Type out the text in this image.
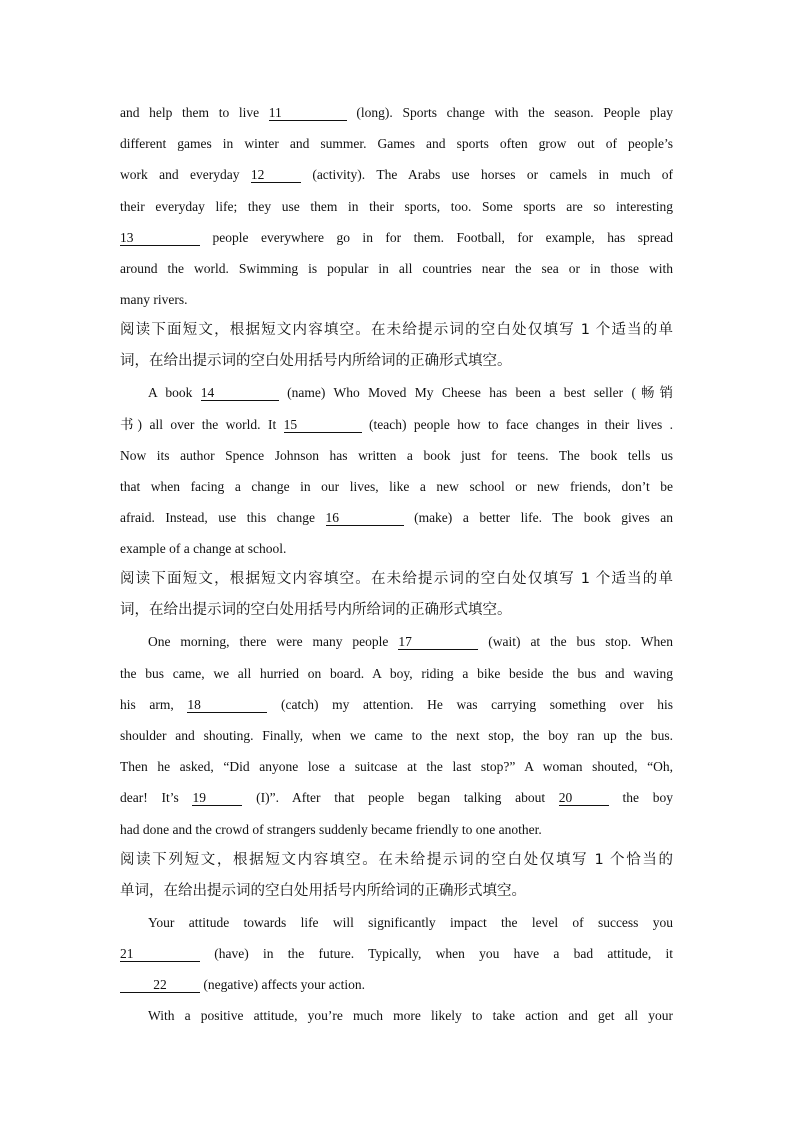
and help them to live 11	(long). Sports change with the season. People play
different games in winter and summer. Games and sports often grow out of people’s
work and everyday 12	(activity). The Arabs use horses or camels in much of
their everyday life; they use them in their sports, too. Some sports are so interesting
13	people everywhere go in for them. Football, for example, has spread
around the world. Swimming is popular in all countries near the sea or in those with
many rivers.
阅读下面短文，根据短文内容填空。在未给提示词的空白处仅填写 1 个适当的单
词，在给出提示词的空白处用括号内所给词的正确形式填空。
A book 14	(name) Who Moved My Cheese has been a best seller (畅销
书) all over the world. It 15	(teach) people how to face changes in their lives .
Now its author Spence Johnson has written a book just for teens. The book tells us
that when facing a change in our lives, like a new school or new friends, don’t be
afraid. Instead, use this change 16	(make) a better life. The book gives an
example of a change at school.
阅读下面短文，根据短文内容填空。在未给提示词的空白处仅填写 1 个适当的单
词，在给出提示词的空白处用括号内所给词的正确形式填空。
One morning, there were many people 17	(wait) at the bus stop. When
the bus came, we all hurried on board. A boy, riding a bike beside the bus and waving
his arm, 18	(catch) my attention. He was carrying something over his
shoulder and shouting. Finally, when we came to the next stop, the boy ran up the bus.
Then he asked, “Did anyone lose a suitcase at the last stop?” A woman shouted, “Oh,
dear! It’s 19	(I)”. After that people began talking about 20	the boy
had done and the crowd of strangers suddenly became friendly to one another.
阅读下列短文，根据短文内容填空。在未给提示词的空白处仅填写 1 个恰当的
单词，在给出提示词的空白处用括号内所给词的正确形式填空。
Your attitude towards life will significantly impact the level of success you
21	(have) in the future. Typically, when you have a bad attitude, it
22 (negative) affects your action.
With a positive attitude, you’re much more likely to take action and get all your
